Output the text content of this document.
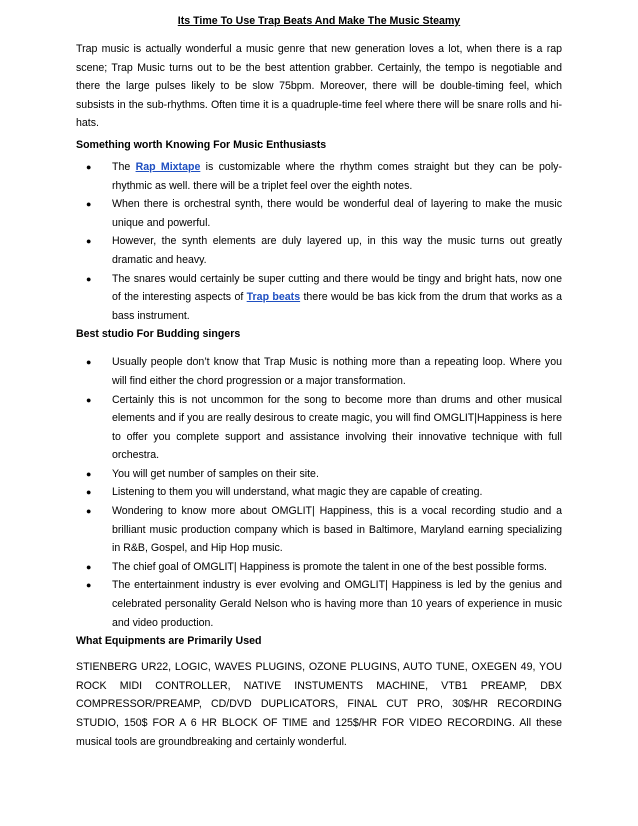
Its Time To Use Trap Beats And Make The Music Steamy

Trap music is actually wonderful a music genre that new generation loves a lot, when there is a rap scene; Trap Music turns out to be the best attention grabber. Certainly, the tempo is negotiable and there the large pulses likely to be slow 75bpm. Moreover, there will be double-timing feel, which subsists in the sub-rhythms. Often time it is a quadruple-time feel where there will be snare rolls and hi-hats.

Something worth Knowing For Music Enthusiasts
● The Rap Mixtape is customizable where the rhythm comes straight but they can be poly-rhythmic as well. there will be a triplet feel over the eighth notes.
● When there is orchestral synth, there would be wonderful deal of layering to make the music unique and powerful.
● However, the synth elements are duly layered up, in this way the music turns out greatly dramatic and heavy.
● The snares would certainly be super cutting and there would be tingy and bright hats, now one of the interesting aspects of Trap beats there would be bas kick from the drum that works as a bass instrument.
Best studio For Budding singers
● Usually people don’t know that Trap Music is nothing more than a repeating loop. Where you will find either the chord progression or a major transformation.
● Certainly this is not uncommon for the song to become more than drums and other musical elements and if you are really desirous to create magic, you will find OMGLIT|Happiness is here to offer you complete support and assistance involving their innovative technique with full orchestra.
● You will get number of samples on their site.
● Listening to them you will understand, what magic they are capable of creating.
● Wondering to know more about OMGLIT| Happiness, this is a vocal recording studio and a brilliant music production company which is based in Baltimore, Maryland earning specializing in R&B, Gospel, and Hip Hop music.
● The chief goal of OMGLIT| Happiness is promote the talent in one of the best possible forms.
● The entertainment industry is ever evolving and OMGLIT| Happiness is led by the genius and celebrated personality Gerald Nelson who is having more than 10 years of experience in music and video production.
What Equipments are Primarily Used

STIENBERG UR22, LOGIC, WAVES PLUGINS, OZONE PLUGINS, AUTO TUNE, OXEGEN 49, YOU ROCK MIDI CONTROLLER, NATIVE INSTUMENTS MACHINE, VTB1 PREAMP, DBX COMPRESSOR/PREAMP, CD/DVD DUPLICATORS, FINAL CUT PRO, 30$/HR RECORDING STUDIO, 150$ FOR A 6 HR BLOCK OF TIME and 125$/HR FOR VIDEO RECORDING. All these musical tools are groundbreaking and certainly wonderful.
